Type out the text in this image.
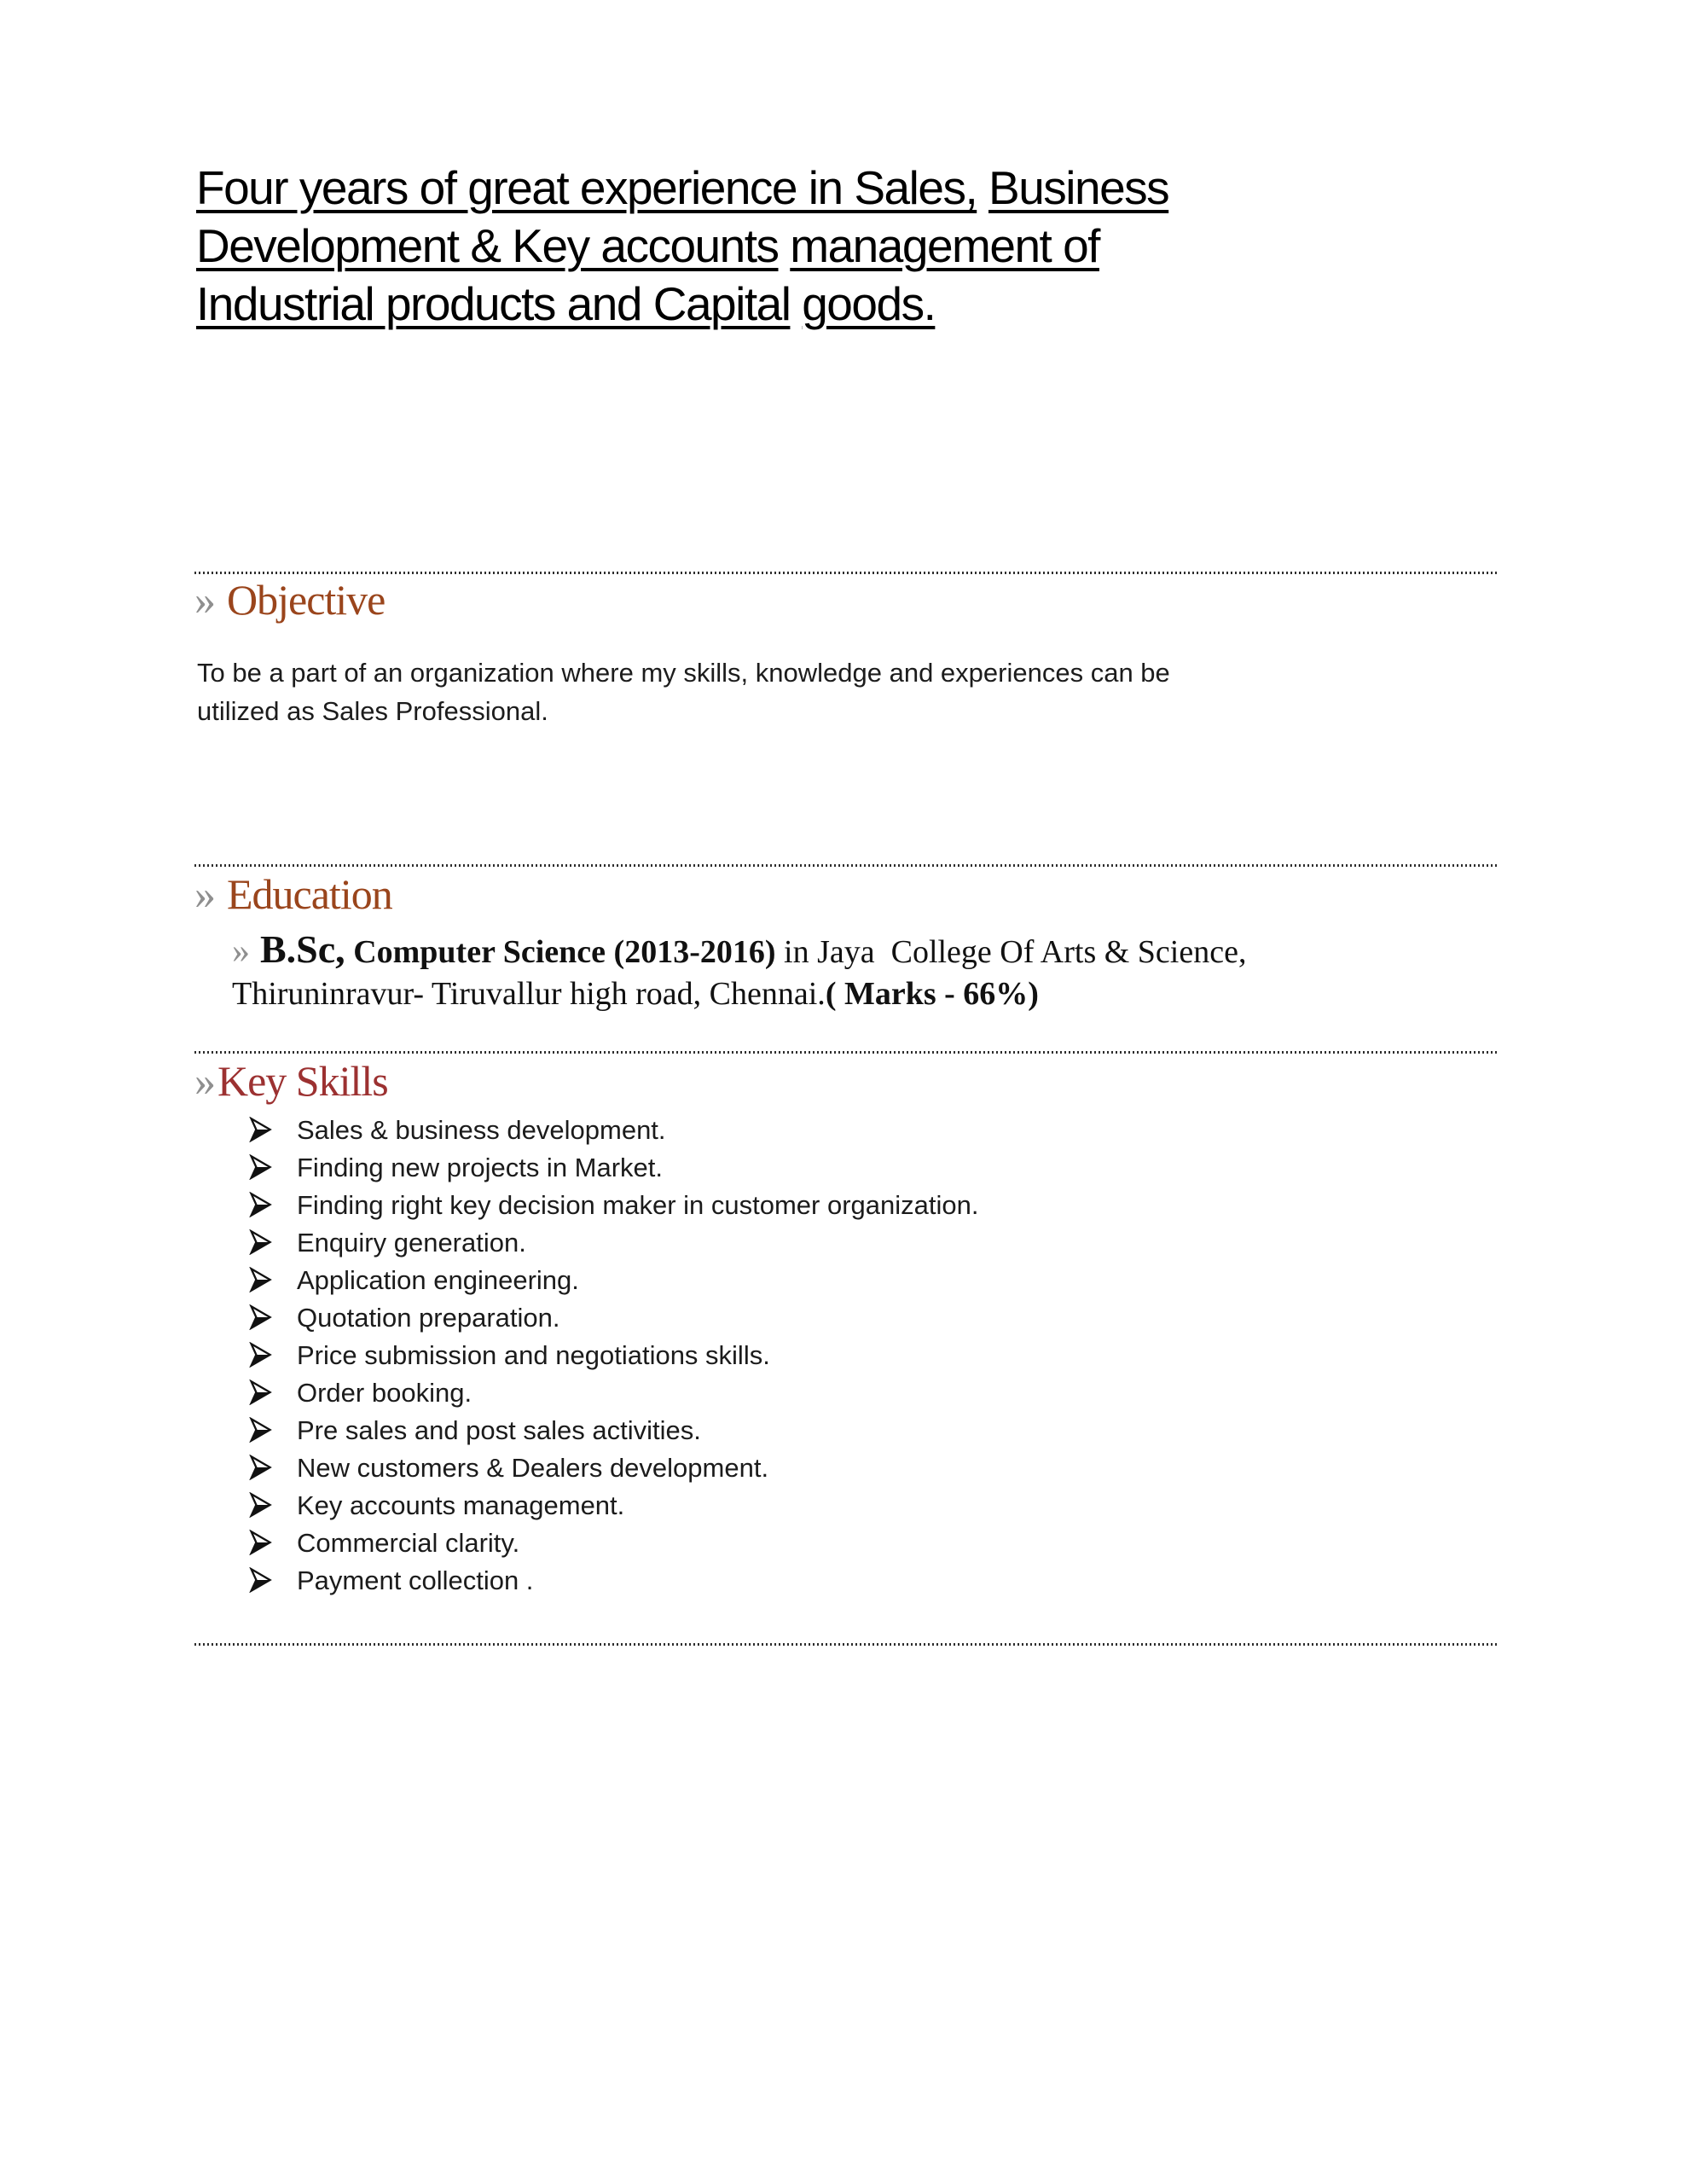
Four years of great experience in Sales, Business
Development & Key accounts management of
Industrial products and Capital goods.
» Objective
To be a part of an organization where my skills, knowledge and experiences can be
utilized as Sales Professional.
» Education
» B.Sc, Computer Science (2013-2016) in Jaya  College Of Arts & Science,
Thiruninravur- Tiruvallur high road, Chennai.( Marks - 66%)
»Key Skills
Sales & business development.
Finding new projects in Market.
Finding right key decision maker in customer organization.
Enquiry generation.
Application engineering.
Quotation preparation.
Price submission and negotiations skills.
Order booking.
Pre sales and post sales activities.
New customers & Dealers development.
Key accounts management.
Commercial clarity.
Payment collection .
